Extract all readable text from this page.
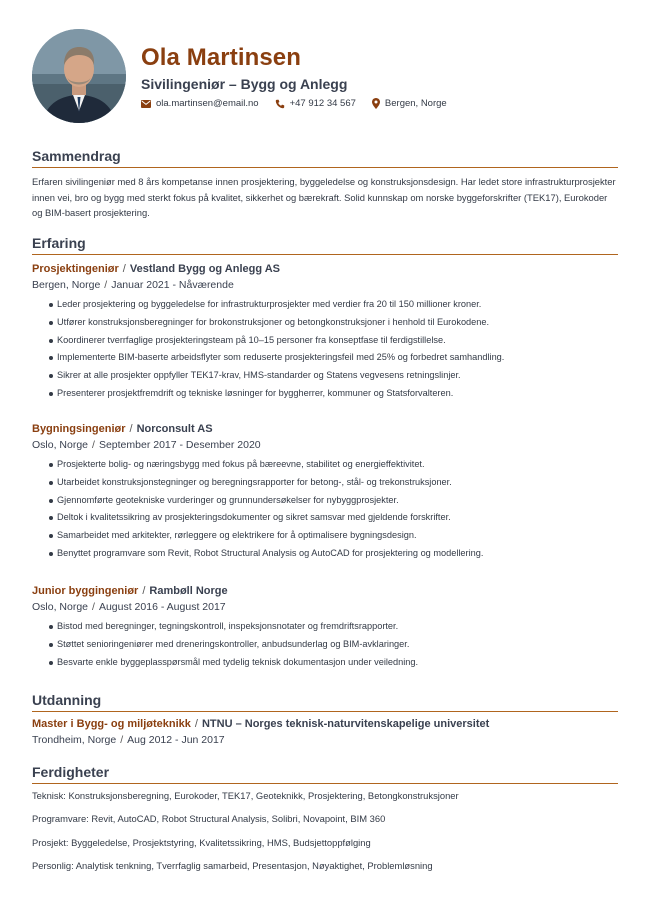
Ola Martinsen
Sivilingeniør – Bygg og Anlegg
ola.martinsen@email.no	+47 912 34 567	Bergen, Norge
Sammendrag
Erfaren sivilingeniør med 8 års kompetanse innen prosjektering, byggeledelse og konstruksjonsdesign. Har ledet store infrastrukturprosjekter innen vei, bro og bygg med sterkt fokus på kvalitet, sikkerhet og bærekraft. Solid kunnskap om norske byggeforskrifter (TEK17), Eurokoder og BIM-basert prosjektering.
Erfaring
Prosjektingeniør / Vestland Bygg og Anlegg AS
Bergen, Norge / Januar 2021 - Nåværende
Leder prosjektering og byggeledelse for infrastrukturprosjekter med verdier fra 20 til 150 millioner kroner.
Utfører konstruksjonsberegninger for brokonstruksjoner og betongkonstruksjoner i henhold til Eurokodene.
Koordinerer tverrfaglige prosjekteringsteam på 10–15 personer fra konseptfase til ferdigstillelse.
Implementerte BIM-baserte arbeidsflyter som reduserte prosjekteringsfeil med 25% og forbedret samhandling.
Sikrer at alle prosjekter oppfyller TEK17-krav, HMS-standarder og Statens vegvesens retningslinjer.
Presenterer prosjektfremdrift og tekniske løsninger for byggherrer, kommuner og Statsforvalteren.
Bygningsingeniør / Norconsult AS
Oslo, Norge / September 2017 - Desember 2020
Prosjekterte bolig- og næringsbygg med fokus på bæreevne, stabilitet og energieffektivitet.
Utarbeidet konstruksjonstegninger og beregningsrapporter for betong-, stål- og trekonstruksjoner.
Gjennomførte geotekniske vurderinger og grunnundersøkelser for nybyggprosjekter.
Deltok i kvalitetssikring av prosjekteringsdokumenter og sikret samsvar med gjeldende forskrifter.
Samarbeidet med arkitekter, rørleggere og elektrikere for å optimalisere bygningsdesign.
Benyttet programvare som Revit, Robot Structural Analysis og AutoCAD for prosjektering og modellering.
Junior byggingeniør / Rambøll Norge
Oslo, Norge / August 2016 - August 2017
Bistod med beregninger, tegningskontroll, inspeksjonsnotater og fremdriftsrapporter.
Støttet senioringeniører med dreneringskontroller, anbudsunderlag og BIM-avklaringer.
Besvarte enkle byggeplasspørsmål med tydelig teknisk dokumentasjon under veiledning.
Utdanning
Master i Bygg- og miljøteknikk / NTNU – Norges teknisk-naturvitenskapelige universitet
Trondheim, Norge / Aug 2012 - Jun 2017
Ferdigheter
Teknisk: Konstruksjonsberegning, Eurokoder, TEK17, Geoteknikk, Prosjektering, Betongkonstruksjoner
Programvare: Revit, AutoCAD, Robot Structural Analysis, Solibri, Novapoint, BIM 360
Prosjekt: Byggeledelse, Prosjektstyring, Kvalitetssikring, HMS, Budsjettoppfølging
Personlig: Analytisk tenkning, Tverrfaglig samarbeid, Presentasjon, Nøyaktighet, Problemløsning
